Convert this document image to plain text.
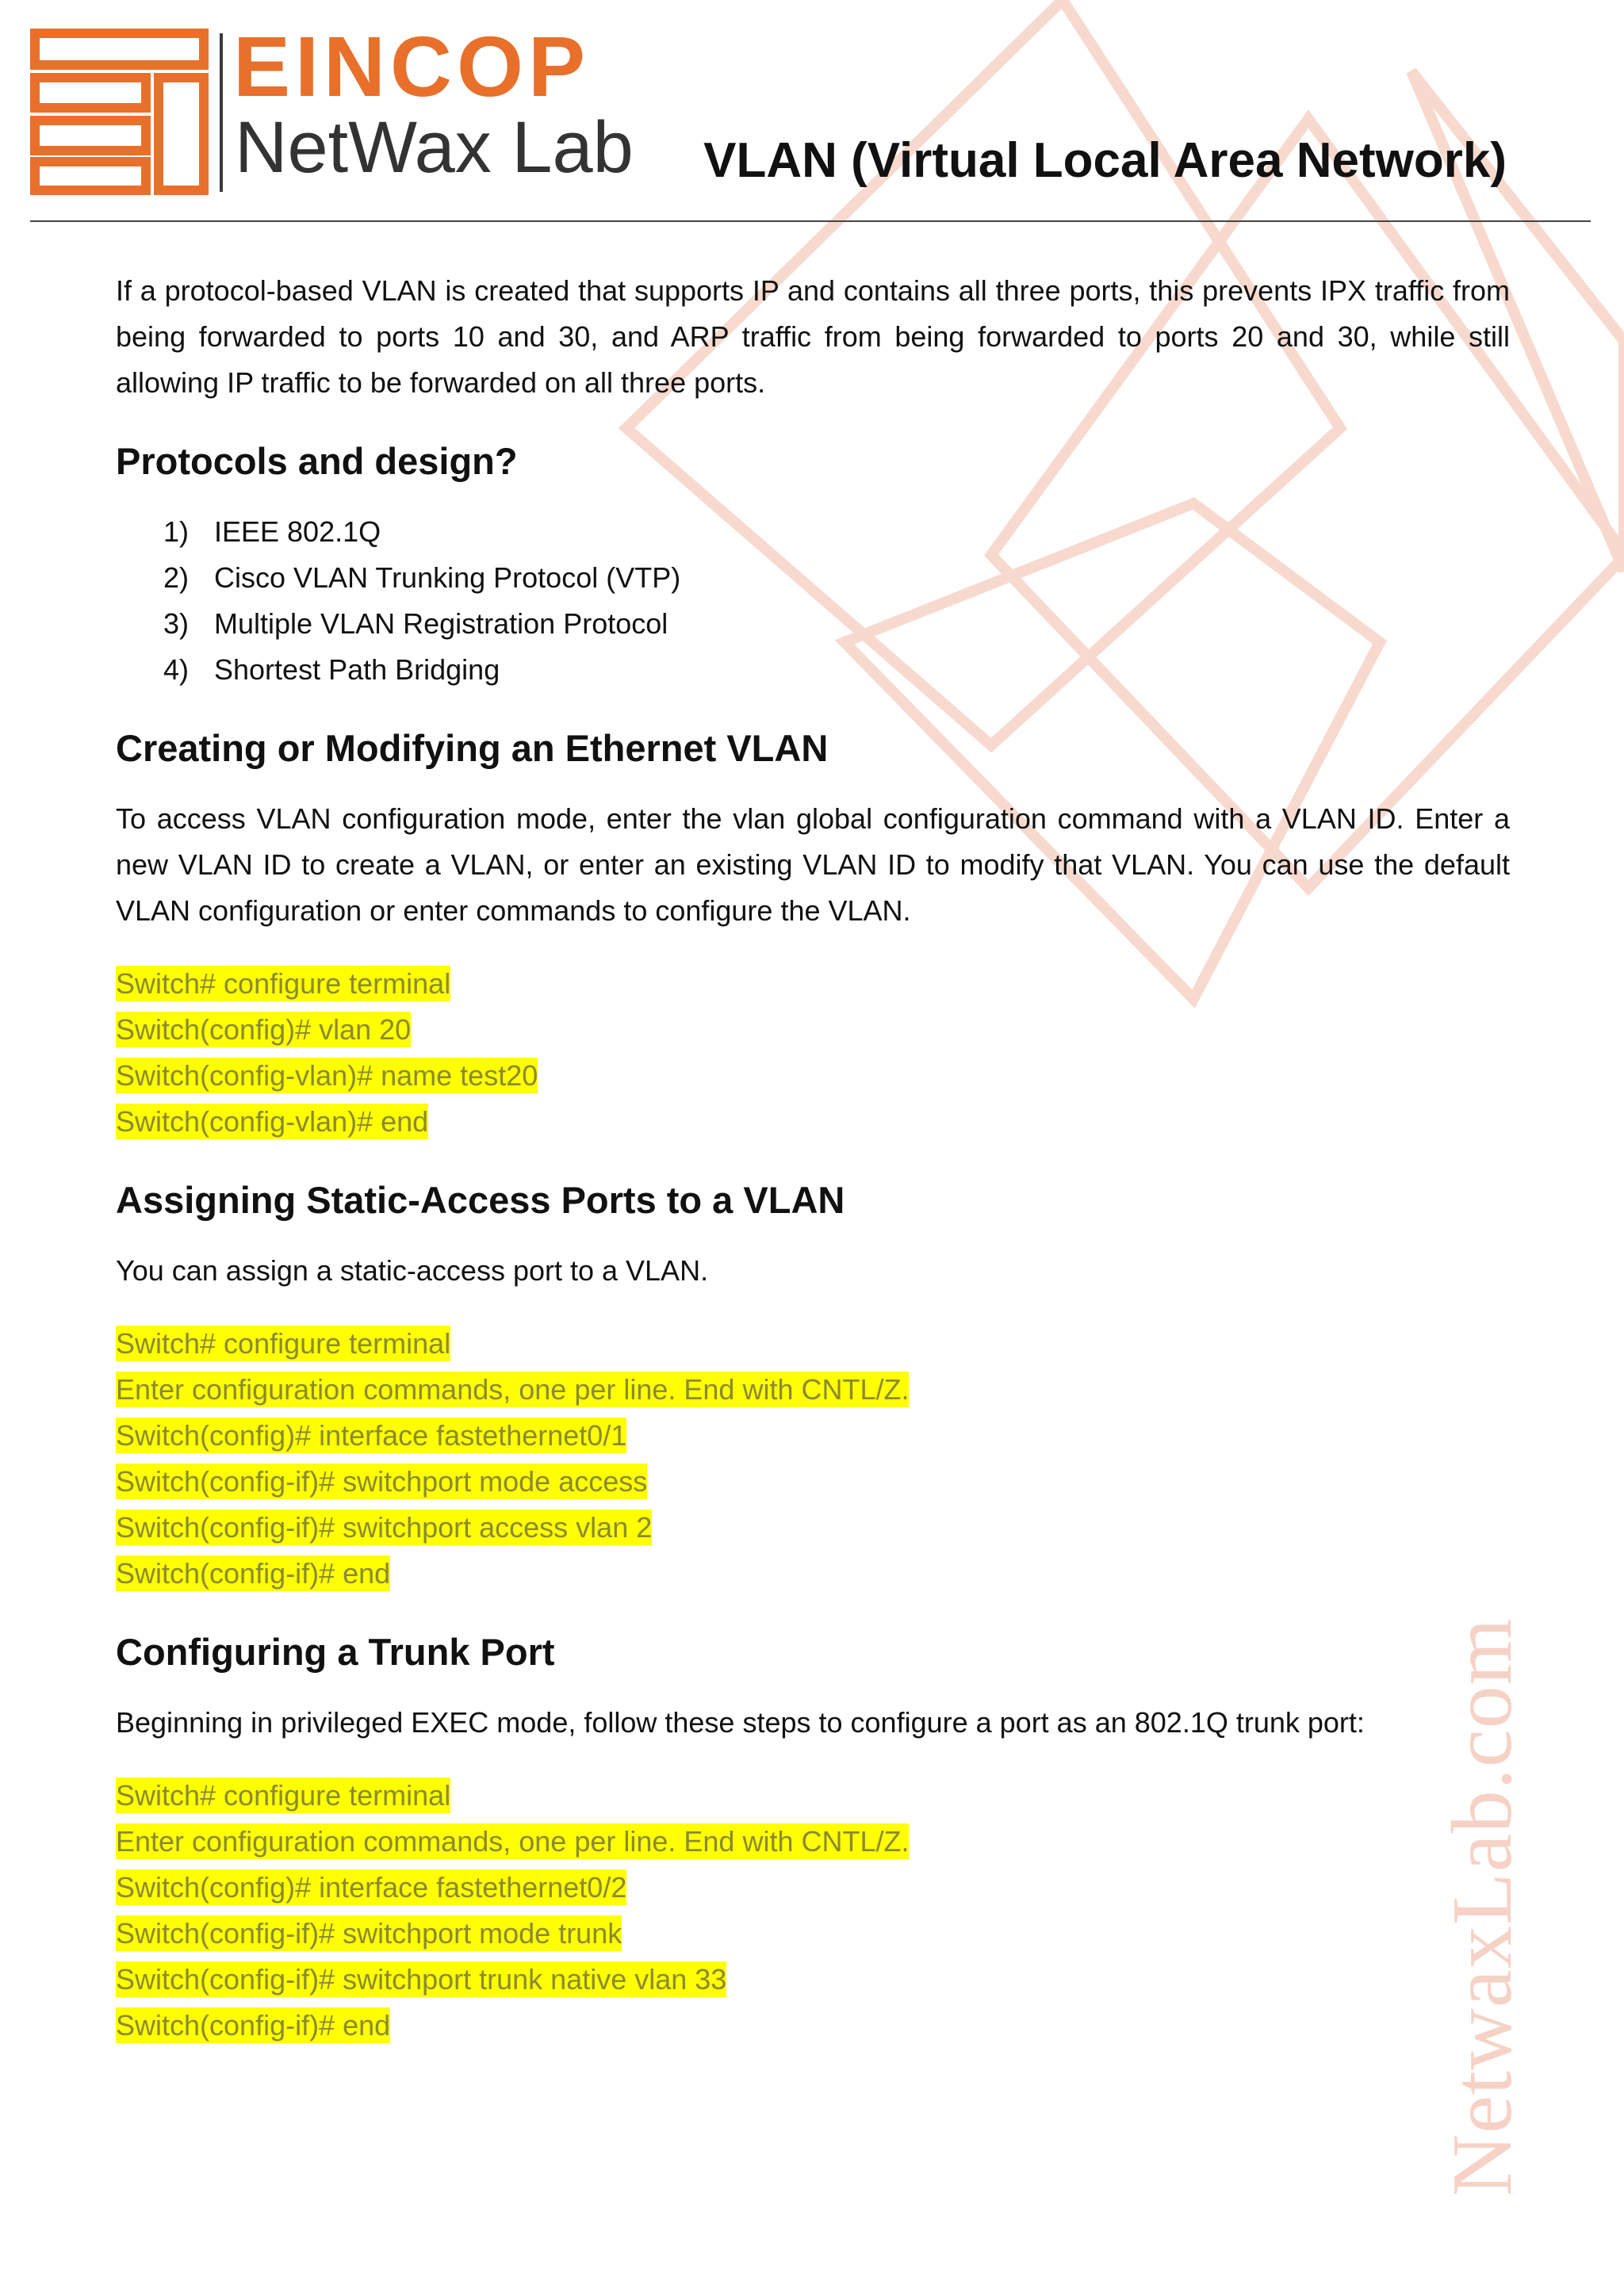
NetwaxLab.com
EINCOP
NetWax Lab VLAN (Virtual Local Area Network)

If a protocol-based VLAN is created that supports IP and contains all three ports, this prevents IPX traffic from being forwarded to ports 10 and 30, and ARP traffic from being forwarded to ports 20 and 30, while still allowing IP traffic to be forwarded on all three ports.

Protocols and design?
1) IEEE 802.1Q
2) Cisco VLAN Trunking Protocol (VTP)
3) Multiple VLAN Registration Protocol
4) Shortest Path Bridging
Creating or Modifying an Ethernet VLAN

To access VLAN configuration mode, enter the vlan global configuration command with a VLAN ID. Enter a new VLAN ID to create a VLAN, or enter an existing VLAN ID to modify that VLAN. You can use the default VLAN configuration or enter commands to configure the VLAN.

Switch# configure terminal
Switch(config)# vlan 20
Switch(config-vlan)# name test20
Switch(config-vlan)# end
Assigning Static-Access Ports to a VLAN

You can assign a static-access port to a VLAN.

Switch# configure terminal
Enter configuration commands, one per line. End with CNTL/Z.
Switch(config)# interface fastethernet0/1
Switch(config-if)# switchport mode access
Switch(config-if)# switchport access vlan 2
Switch(config-if)# end
Configuring a Trunk Port

Beginning in privileged EXEC mode, follow these steps to configure a port as an 802.1Q trunk port:

Switch# configure terminal
Enter configuration commands, one per line. End with CNTL/Z.
Switch(config)# interface fastethernet0/2
Switch(config-if)# switchport mode trunk
Switch(config-if)# switchport trunk native vlan 33
Switch(config-if)# end
